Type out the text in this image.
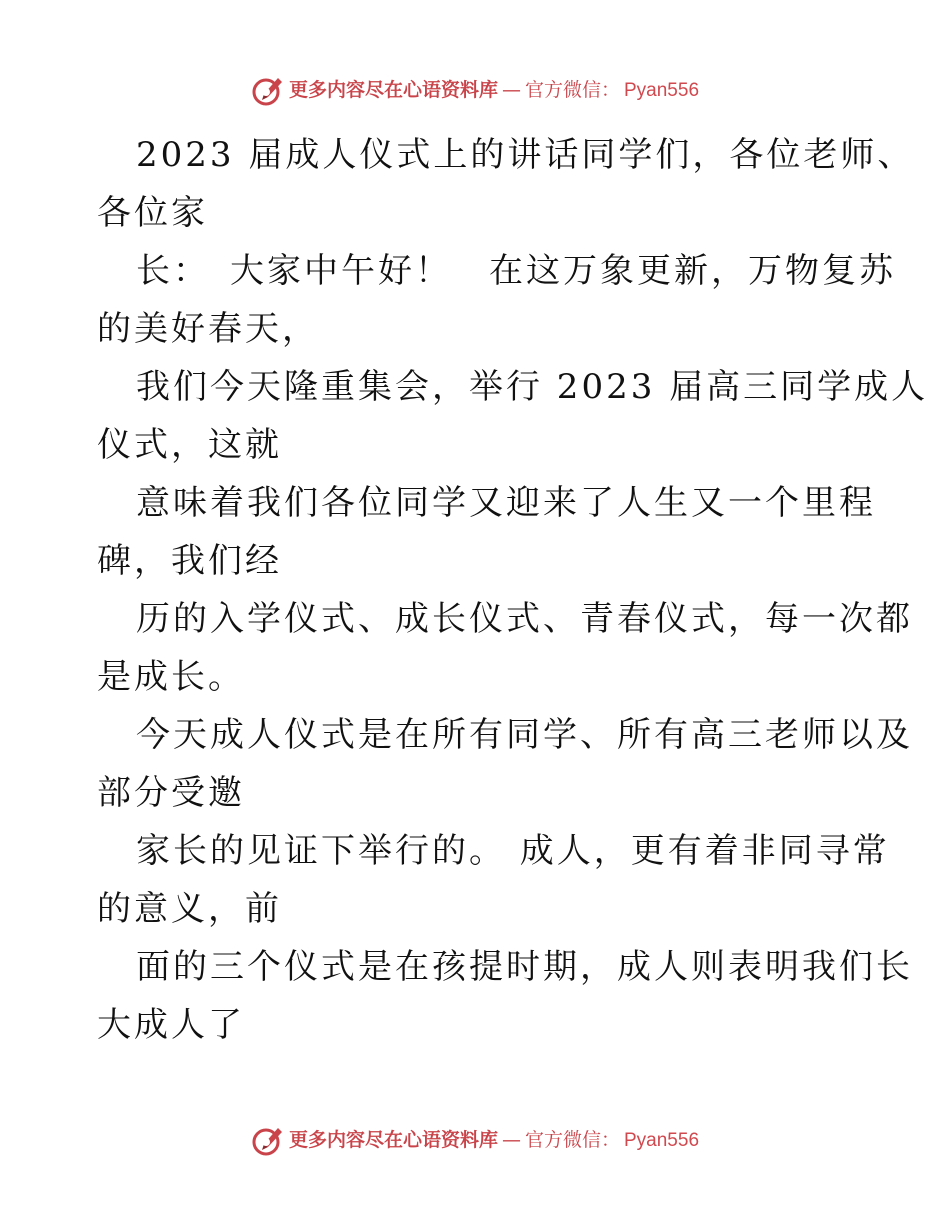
更多内容尽在心语资料库 — 官方微信： Pyan556
2023 届成人仪式上的讲话同学们，各位老师、
各位家
长：　大家中午好！　在这万象更新，万物复苏
的美好春天，
我们今天隆重集会，举行 2023 届高三同学成人
仪式，这就
意味着我们各位同学又迎来了人生又一个里程
碑，我们经
历的入学仪式、成长仪式、青春仪式，每一次都
是成长。
今天成人仪式是在所有同学、所有高三老师以及
部分受邀
家长的见证下举行的。 成人，更有着非同寻常
的意义，前
面的三个仪式是在孩提时期，成人则表明我们长
大成人了
更多内容尽在心语资料库 — 官方微信： Pyan556
